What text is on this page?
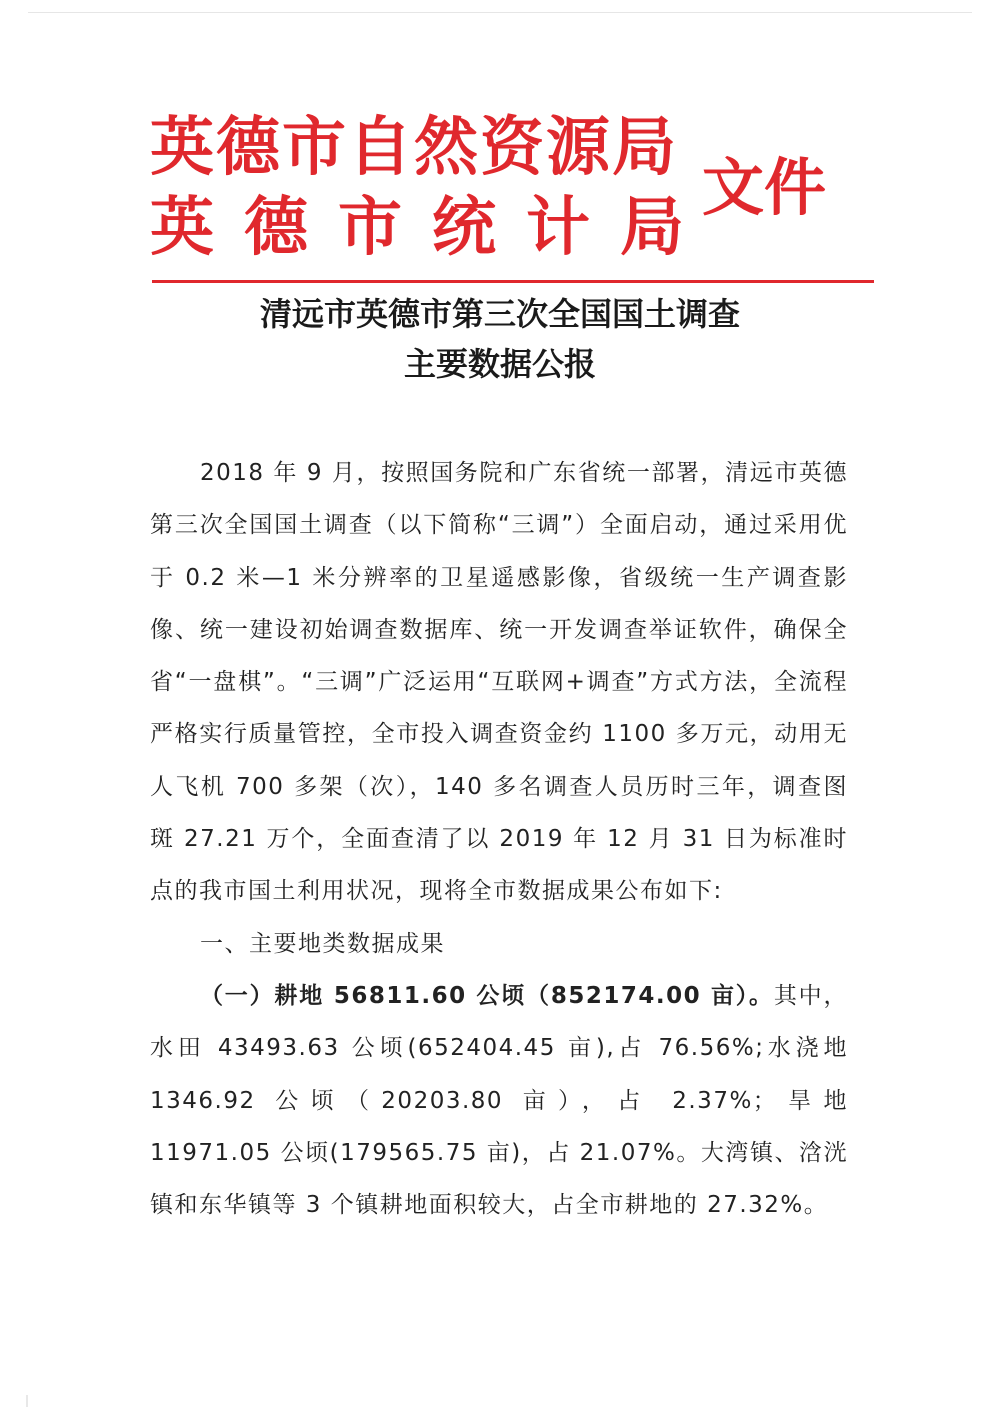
英德市自然资源局
英德市统计局
文件
清远市英德市第三次全国国土调查
主要数据公报

2018 年 9 月，按照国务院和广东省统一部署，清远市英德第三次全国国土调查（以下简称“三调”）全面启动，通过采用优于 0.2 米—1 米分辨率的卫星遥感影像，省级统一生产调查影像、统一建设初始调查数据库、统一开发调查举证软件，确保全省“一盘棋”。“三调”广泛运用“互联网+调查”方式方法，全流程严格实行质量管控，全市投入调查资金约 1100 多万元，动用无人飞机 700 多架（次），140 多名调查人员历时三年，调查图斑 27.21 万个，全面查清了以 2019 年 12 月 31 日为标准时点的我市国土利用状况，现将全市数据成果公布如下:

一、主要地类数据成果

（一）耕地 56811.60 公顷（852174.00 亩）。其中，水田 43493.63 公顷(652404.45 亩),占 76.56%;水浇地 1346.92 公顷（20203.80 亩），占 2.37%；旱地 11971.05 公顷(179565.75 亩)，占 21.07%。大湾镇、浛洸镇和东华镇等 3 个镇耕地面积较大，占全市耕地的 27.32%。
